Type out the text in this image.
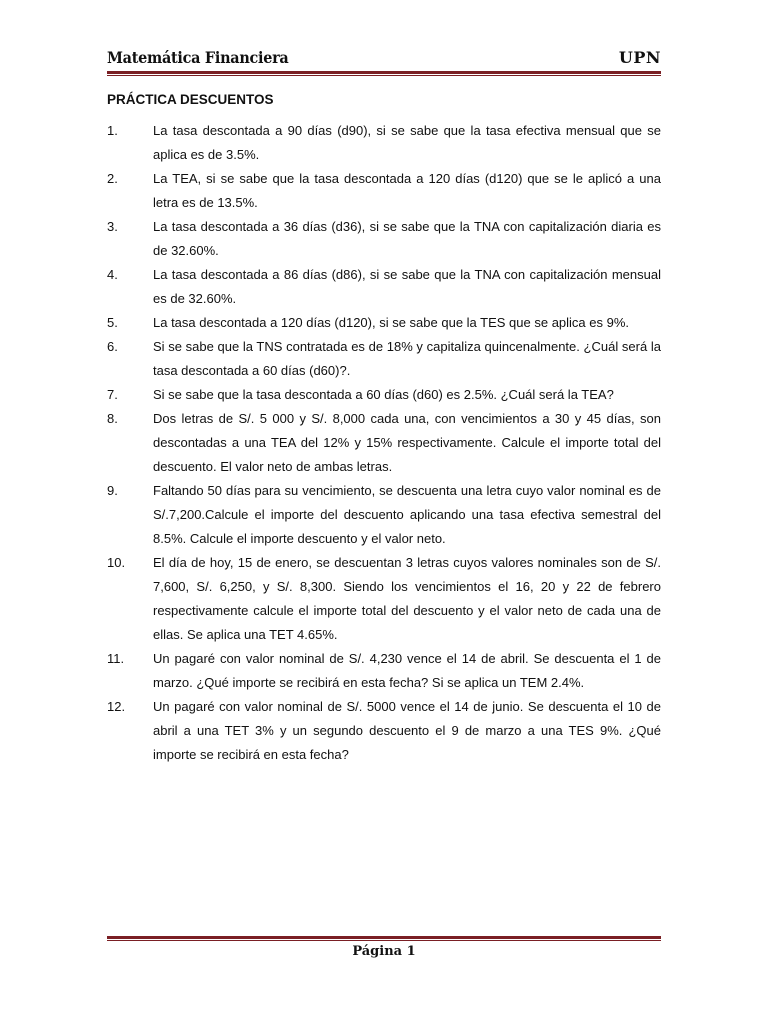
Matemática Financiera	UPN
PRÁCTICA DESCUENTOS
1.	La tasa descontada a 90 días (d90), si se sabe que la tasa efectiva mensual que se aplica es de 3.5%.
2.	La TEA, si se sabe que la tasa descontada a 120 días (d120) que se le aplicó a una letra es de 13.5%.
3.	La tasa descontada a 36 días (d36), si se sabe que la TNA con capitalización diaria es de 32.60%.
4.	La tasa descontada a 86 días (d86), si se sabe que la TNA con capitalización mensual es de 32.60%.
5.	La tasa descontada a 120 días (d120), si se sabe que la TES que se aplica es 9%.
6.	Si se sabe que la TNS contratada es de 18% y capitaliza quincenalmente. ¿Cuál será la tasa descontada a 60 días (d60)?.
7.	Si se sabe que la tasa descontada a 60 días (d60) es 2.5%. ¿Cuál será la TEA?
8.	Dos letras de S/. 5 000 y S/. 8,000 cada una, con vencimientos a 30 y 45 días, son descontadas a una TEA del 12% y 15% respectivamente. Calcule el importe total del descuento. El valor neto de ambas letras.
9.	Faltando 50 días para su vencimiento, se descuenta una letra cuyo valor nominal es de S/.7,200.Calcule el importe del descuento aplicando una tasa efectiva semestral del 8.5%. Calcule el importe descuento y el valor neto.
10.	El día de hoy, 15 de enero, se descuentan 3 letras cuyos valores nominales son de S/. 7,600, S/. 6,250, y S/. 8,300. Siendo los vencimientos el 16, 20 y 22 de febrero respectivamente calcule el importe total del descuento y el valor neto de cada una de ellas. Se aplica una TET 4.65%.
11.	Un pagaré con valor nominal de S/. 4,230 vence el 14 de abril. Se descuenta el 1 de marzo. ¿Qué importe se recibirá en esta fecha? Si se aplica un TEM 2.4%.
12.	Un pagaré con valor nominal de S/. 5000 vence el 14 de junio. Se descuenta el 10 de abril a una TET 3% y un segundo descuento el 9 de marzo a una TES 9%. ¿Qué importe se recibirá en esta fecha?
Página 1
